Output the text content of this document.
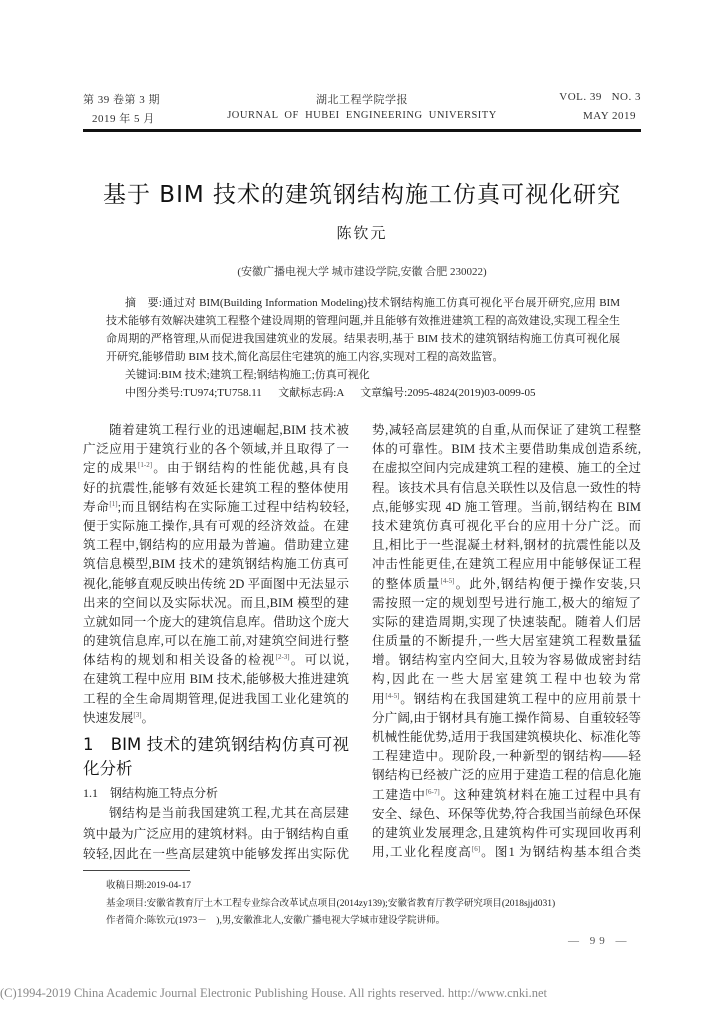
第 39 卷第 3 期
2019 年 5 月
湖北工程学院学报
JOURNAL  OF  HUBEI  ENGINEERING  UNIVERSITY
VOL. 39   NO. 3
MAY 2019
基于 BIM 技术的建筑钢结构施工仿真可视化研究
陈钦元
(安徽广播电视大学 城市建设学院,安徽 合肥 230022)
摘　要:通过对 BIM(Building Information Modeling)技术钢结构施工仿真可视化平台展开研究,应用 BIM
技术能够有效解决建筑工程整个建设周期的管理问题,并且能够有效推进建筑工程的高效建设,实现工程全生
命周期的严格管理,从而促进我国建筑业的发展。结果表明,基于 BIM 技术的建筑钢结构施工仿真可视化展
开研究,能够借助 BIM 技术,简化高层住宅建筑的施工内容,实现对工程的高效监管。
关键词:BIM 技术;建筑工程;钢结构施工;仿真可视化
中图分类号:TU974;TU758.11 文献标志码:A 文章编号:2095-4824(2019)03-0099-05
随着建筑工程行业的迅速崛起,BIM 技术被
广泛应用于建筑行业的各个领域,并且取得了一
定的成果[1-2]。由于钢结构的性能优越,具有良
好的抗震性,能够有效延长建筑工程的整体使用
寿命[1];而且钢结构在实际施工过程中结构较轻,
便于实际施工操作,具有可观的经济效益。在建
筑工程中,钢结构的应用最为普遍。借助建立建
筑信息模型,BIM 技术的建筑钢结构施工仿真可
视化,能够直观反映出传统 2D 平面图中无法显示
出来的空间以及实际状况。而且,BIM 模型的建
立就如同一个庞大的建筑信息库。借助这个庞大
的建筑信息库,可以在施工前,对建筑空间进行整
体结构的规划和相关设备的检视[2-3]。可以说,
在建筑工程中应用 BIM 技术,能够极大推进建筑
工程的全生命周期管理,促进我国工业化建筑的
快速发展[3]。
1　BIM 技术的建筑钢结构仿真可视
化分析
1.1　钢结构施工特点分析
钢结构是当前我国建筑工程,尤其在高层建
筑中最为广泛应用的建筑材料。由于钢结构自重
较轻,因此在一些高层建筑中能够发挥出实际优
势,减轻高层建筑的自重,从而保证了建筑工程整
体的可靠性。BIM 技术主要借助集成创造系统,
在虚拟空间内完成建筑工程的建模、施工的全过
程。该技术具有信息关联性以及信息一致性的特
点,能够实现 4D 施工管理。当前,钢结构在 BIM
技术建筑仿真可视化平台的应用十分广泛。而
且,相比于一些混凝土材料,钢材的抗震性能以及
冲击性能更佳,在建筑工程应用中能够保证工程
的整体质量[4-5]。此外,钢结构便于操作安装,只
需按照一定的规划型号进行施工,极大的缩短了
实际的建造周期,实现了快速装配。随着人们居
住质量的不断提升,一些大居室建筑工程数量猛
增。钢结构室内空间大,且较为容易做成密封结
构,因此在一些大居室建筑工程中也较为常
用[4-5]。钢结构在我国建筑工程中的应用前景十
分广阔,由于钢材具有施工操作简易、自重较轻等
机械性能优势,适用于我国建筑模块化、标准化等
工程建造中。现阶段,一种新型的钢结构——轻
钢结构已经被广泛的应用于建造工程的信息化施
工建造中[6-7]。这种建筑材料在施工过程中具有
安全、绿色、环保等优势,符合我国当前绿色环保
的建筑业发展理念,且建筑构件可实现回收再利
用,工业化程度高[6]。图1 为钢结构基本组合类
收稿日期:2019-04-17
基金项目:安徽省教育厅土木工程专业综合改革试点项目(2014zy139);安徽省教育厅教学研究项目(2018sjjd031)
作者简介:陈钦元(1973－　),男,安徽淮北人,安徽广播电视大学城市建设学院讲师。
— 99 —
(C)1994-2019 China Academic Journal Electronic Publishing House. All rights reserved. http://www.cnki.net
